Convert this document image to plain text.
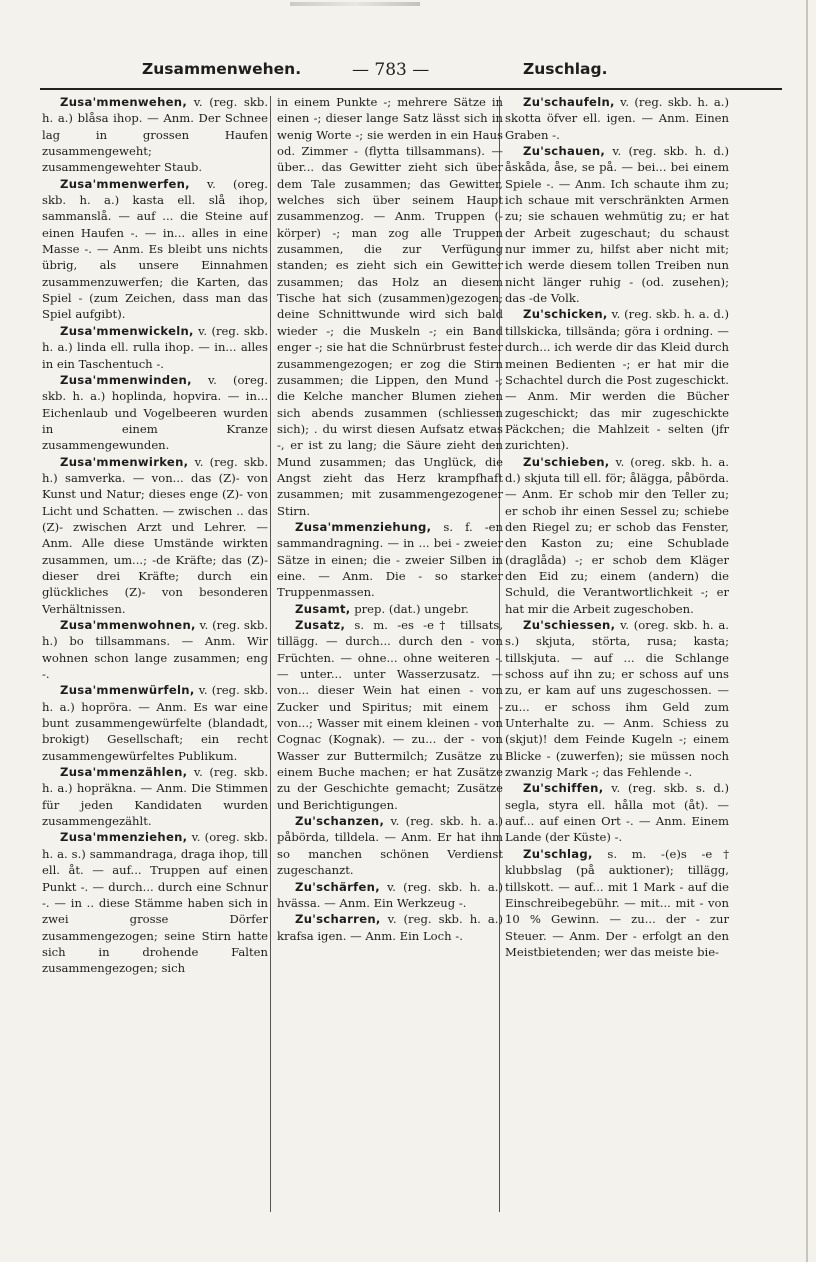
Zusammenwehen.	— 783 —	Zuschlag.

Zusa'mmenwehen, v. (reg. skb. h. a.) blåsa ihop. — Anm. Der Schnee lag in grossen Haufen zusammengeweht; zusammengewehter Staub.

Zusa'mmenwerfen, v. (oreg. skb. h. a.) kasta ell. slå ihop, sammanslå. — auf ... die Steine auf einen Haufen -. — in... alles in eine Masse -. — Anm. Es bleibt uns nichts übrig, als unsere Einnahmen zusammenzuwerfen; die Karten, das Spiel - (zum Zeichen, dass man das Spiel aufgibt).

Zusa'mmenwickeln, v. (reg. skb. h. a.) linda ell. rulla ihop. — in... alles in ein Taschentuch -.

Zusa'mmenwinden, v. (oreg. skb. h. a.) hoplinda, hopvira. — in... Eichenlaub und Vogelbeeren wurden in einem Kranze zusammengewunden.

Zusa'mmenwirken, v. (reg. skb. h.) samverka. — von... das (Z)- von Kunst und Natur; dieses enge (Z)- von Licht und Schatten. — zwischen .. das (Z)- zwischen Arzt und Lehrer. — Anm. Alle diese Umstände wirkten zusammen, um...; -de Kräfte; das (Z)- dieser drei Kräfte; durch ein glückliches (Z)- von besonderen Verhältnissen.

Zusa'mmenwohnen, v. (reg. skb. h.) bo tillsammans. — Anm. Wir wohnen schon lange zusammen; eng -.

Zusa'mmenwürfeln, v. (reg. skb. h. a.) hopröra. — Anm. Es war eine bunt zusammengewürfelte (blandadt, brokigt) Gesellschaft; ein recht zusammengewürfeltes Publikum.

Zusa'mmenzählen, v. (reg. skb. h. a.) hopräkna. — Anm. Die Stimmen für jeden Kandidaten wurden zusammengezählt.

Zusa'mmenziehen, v. (oreg. skb. h. a. s.) sammandraga, draga ihop, till ell. åt. — auf... Truppen auf einen Punkt -. — durch... durch eine Schnur -. — in .. diese Stämme haben sich in zwei grosse Dörfer zusammengezogen; seine Stirn hatte sich in drohende Falten zusammengezogen; sich

in einem Punkte -; mehrere Sätze in einen -; dieser lange Satz lässt sich in wenig Worte -; sie werden in ein Haus od. Zimmer - (flytta tillsammans). — über... das Gewitter zieht sich über dem Tale zusammen; das Gewitter, welches sich über seinem Haupt zusammenzog. — Anm. Truppen (-körper) -; man zog alle Truppen zusammen, die zur Verfügung standen; es zieht sich ein Gewitter zusammen; das Holz an diesem Tische hat sich (zusammen)gezogen; deine Schnittwunde wird sich bald wieder -; die Muskeln -; ein Band enger -; sie hat die Schnürbrust fester zusammengezogen; er zog die Stirn zusammen; die Lippen, den Mund -; die Kelche mancher Blumen ziehen sich abends zusammen (schliessen sich); . du wirst diesen Aufsatz etwas -, er ist zu lang; die Säure zieht den Mund zusammen; das Unglück, die Angst zieht das Herz krampfhaft zusammen; mit zusammengezogener Stirn.

Zusa'mmenziehung, s. f. -en sammandragning. — in ... bei - zweier Sätze in einen; die - zweier Silben in eine. — Anm. Die - so starker Truppenmassen.

Zusamt, prep. (dat.) ungebr.

Zusatz, s. m. -es -e† tillsats, tillägg. — durch... durch den - von Früchten. — ohne... ohne weiteren -. — unter... unter Wasserzusatz. — von... dieser Wein hat einen - von Zucker und Spiritus; mit einem - von...; Wasser mit einem kleinen - von Cognac (Kognak). — zu... der - von Wasser zur Buttermilch; Zusätze zu einem Buche machen; er hat Zusätze zu der Geschichte gemacht; Zusätze und Berichtigungen.

Zu'schanzen, v. (reg. skb. h. a.) påbörda, tilldela. — Anm. Er hat ihm so manchen schönen Verdienst zugeschanzt.

Zu'schärfen, v. (reg. skb. h. a.) hvässa. — Anm. Ein Werkzeug -.

Zu'scharren, v. (reg. skb. h. a.) krafsa igen. — Anm. Ein Loch -.

Zu'schaufeln, v. (reg. skb. h. a.) skotta öfver ell. igen. — Anm. Einen Graben -.

Zu'schauen, v. (reg. skb. h. d.) åskåda, åse, se på. — bei... bei einem Spiele -. — Anm. Ich schaute ihm zu; ich schaue mit verschränkten Armen zu; sie schauen wehmütig zu; er hat der Arbeit zugeschaut; du schaust nur immer zu, hilfst aber nicht mit; ich werde diesem tollen Treiben nun nicht länger ruhig - (od. zusehen); das -de Volk.

Zu'schicken, v. (reg. skb. h. a. d.) tillskicka, tillsända; göra i ordning. — durch... ich werde dir das Kleid durch meinen Bedienten -; er hat mir die Schachtel durch die Post zugeschickt. — Anm. Mir werden die Bücher zugeschickt; das mir zugeschickte Päckchen; die Mahlzeit - selten (jfr zurichten).

Zu'schieben, v. (oreg. skb. h. a. d.) skjuta till ell. för; ålägga, påbörda. — Anm. Er schob mir den Teller zu; er schob ihr einen Sessel zu; schiebe den Riegel zu; er schob das Fenster, den Kaston zu; eine Schublade (draglåda) -; er schob dem Kläger den Eid zu; einem (andern) die Schuld, die Verantwortlichkeit -; er hat mir die Arbeit zugeschoben.

Zu'schiessen, v. (oreg. skb. h. a. s.) skjuta, störta, rusa; kasta; tillskjuta. — auf ... die Schlange schoss auf ihn zu; er schoss auf uns zu, er kam auf uns zugeschossen. — zu... er schoss ihm Geld zum Unterhalte zu. — Anm. Schiess zu (skjut)! dem Feinde Kugeln -; einem Blicke - (zuwerfen); sie müssen noch zwanzig Mark -; das Fehlende -.

Zu'schiffen, v. (reg. skb. s. d.) segla, styra ell. hålla mot (åt). — auf... auf einen Ort -. — Anm. Einem Lande (der Küste) -.

Zu'schlag, s. m. -(e)s -e† klubbslag (på auktioner); tillägg, tillskott. — auf... mit 1 Mark - auf die Einschreibegebühr. — mit... mit - von 10 % Gewinn. — zu... der - zur Steuer. — Anm. Der - erfolgt an den Meistbietenden; wer das meiste bie-
